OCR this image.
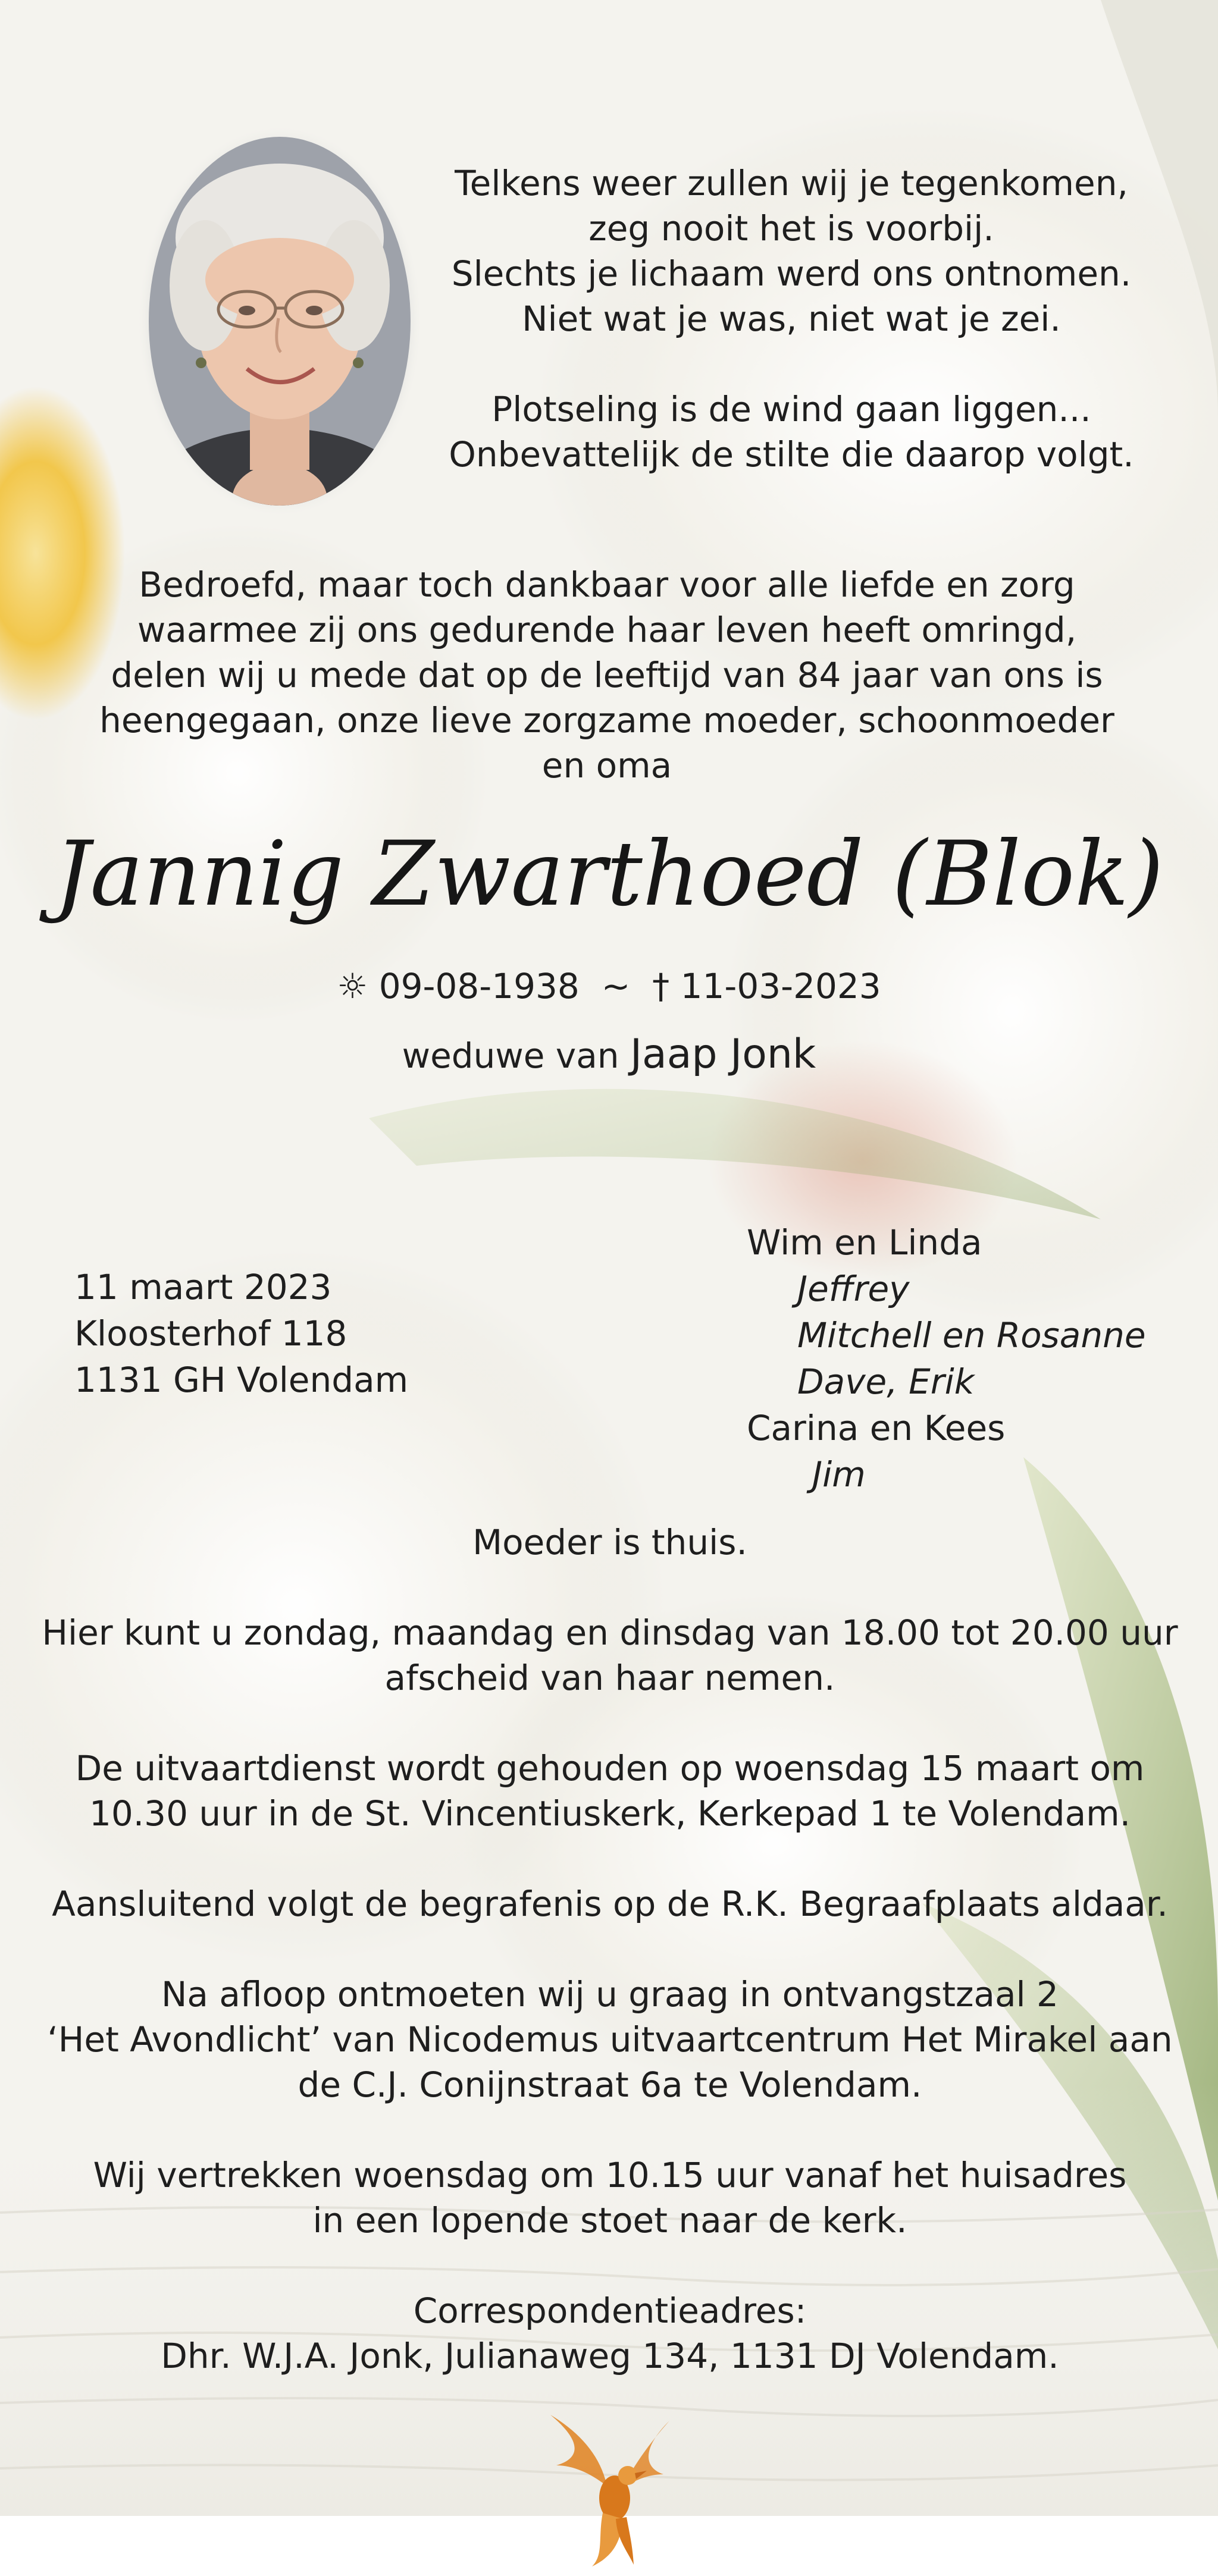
Telkens weer zullen wij je tegenkomen,
zeg nooit het is voorbij.
Slechts je lichaam werd ons ontnomen.
Niet wat je was, niet wat je zei.
Plotseling is de wind gaan liggen...
Onbevattelijk de stilte die daarop volgt.
Bedroefd, maar toch dankbaar voor alle liefde en zorg
waarmee zij ons gedurende haar leven heeft omringd,
delen wij u mede dat op de leeftijd van 84 jaar van ons is
heengegaan, onze lieve zorgzame moeder, schoonmoeder
en oma
Jannig Zwarthoed (Blok)
☼ 09-08-1938 ~ † 11-03-2023
weduwe van Jaap Jonk
11 maart 2023
Kloosterhof 118
1131 GH Volendam
Wim en Linda
Jeffrey
Mitchell en Rosanne
Dave, Erik
Carina en Kees
Jim

Moeder is thuis.

Hier kunt u zondag, maandag en dinsdag van 18.00 tot 20.00 uur
afscheid van haar nemen.

De uitvaartdienst wordt gehouden op woensdag 15 maart om
10.30 uur in de St. Vincentiuskerk, Kerkepad 1 te Volendam.

Aansluitend volgt de begrafenis op de R.K. Begraafplaats aldaar.

Na afloop ontmoeten wij u graag in ontvangstzaal 2
‘Het Avondlicht’ van Nicodemus uitvaartcentrum Het Mirakel aan
de C.J. Conijnstraat 6a te Volendam.

Wij vertrekken woensdag om 10.15 uur vanaf het huisadres
in een lopende stoet naar de kerk.

Correspondentieadres:
Dhr. W.J.A. Jonk, Julianaweg 134, 1131 DJ Volendam.
